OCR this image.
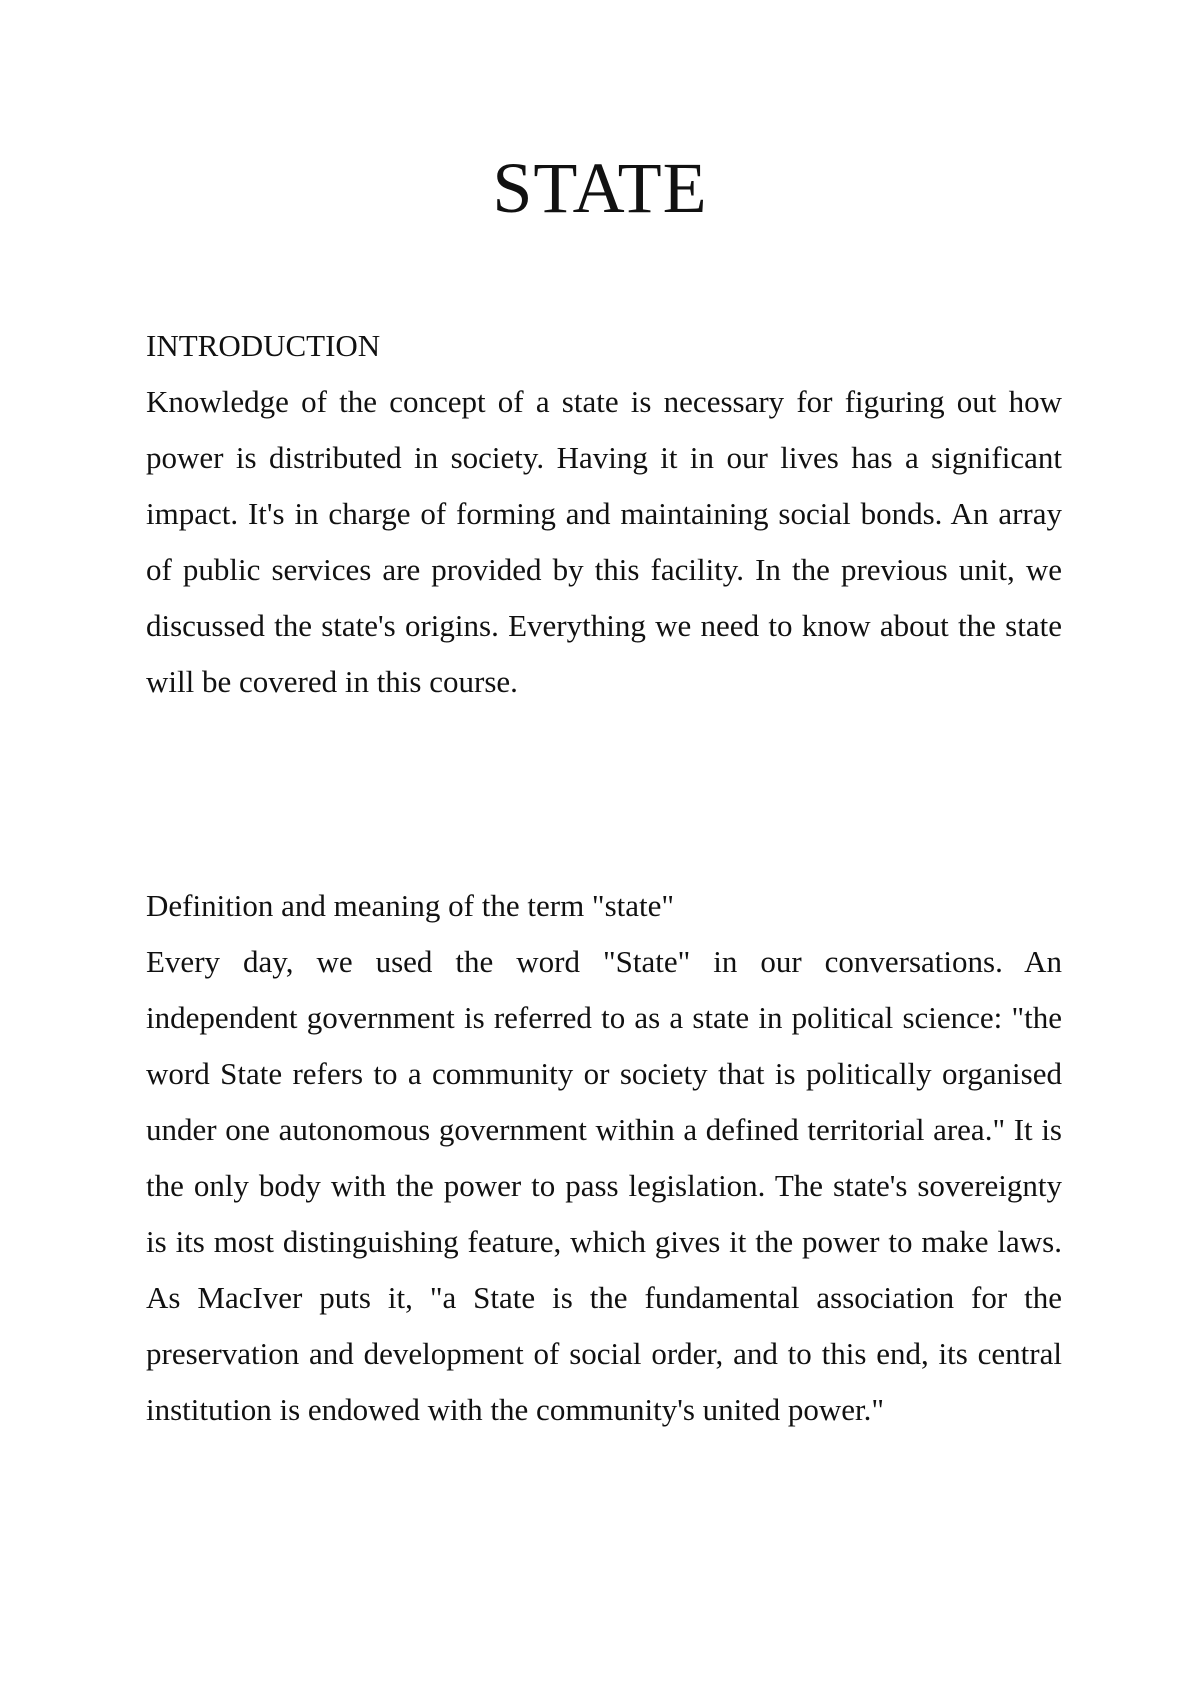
STATE
INTRODUCTION

Knowledge of the concept of a state is necessary for figuring out how power is distributed in society. Having it in our lives has a significant impact. It's in charge of forming and maintaining social bonds. An array of public services are provided by this facility. In the previous unit, we discussed the state's origins. Everything we need to know about the state will be covered in this course.

Definition and meaning of the term "state"

Every day, we used the word "State" in our conversations. An independent government is referred to as a state in political science: "the word State refers to a community or society that is politically organised under one autonomous government within a defined territorial area." It is the only body with the power to pass legislation. The state's sovereignty is its most distinguishing feature, which gives it the power to make laws. As MacIver puts it, "a State is the fundamental association for the preservation and development of social order, and to this end, its central institution is endowed with the community's united power."
